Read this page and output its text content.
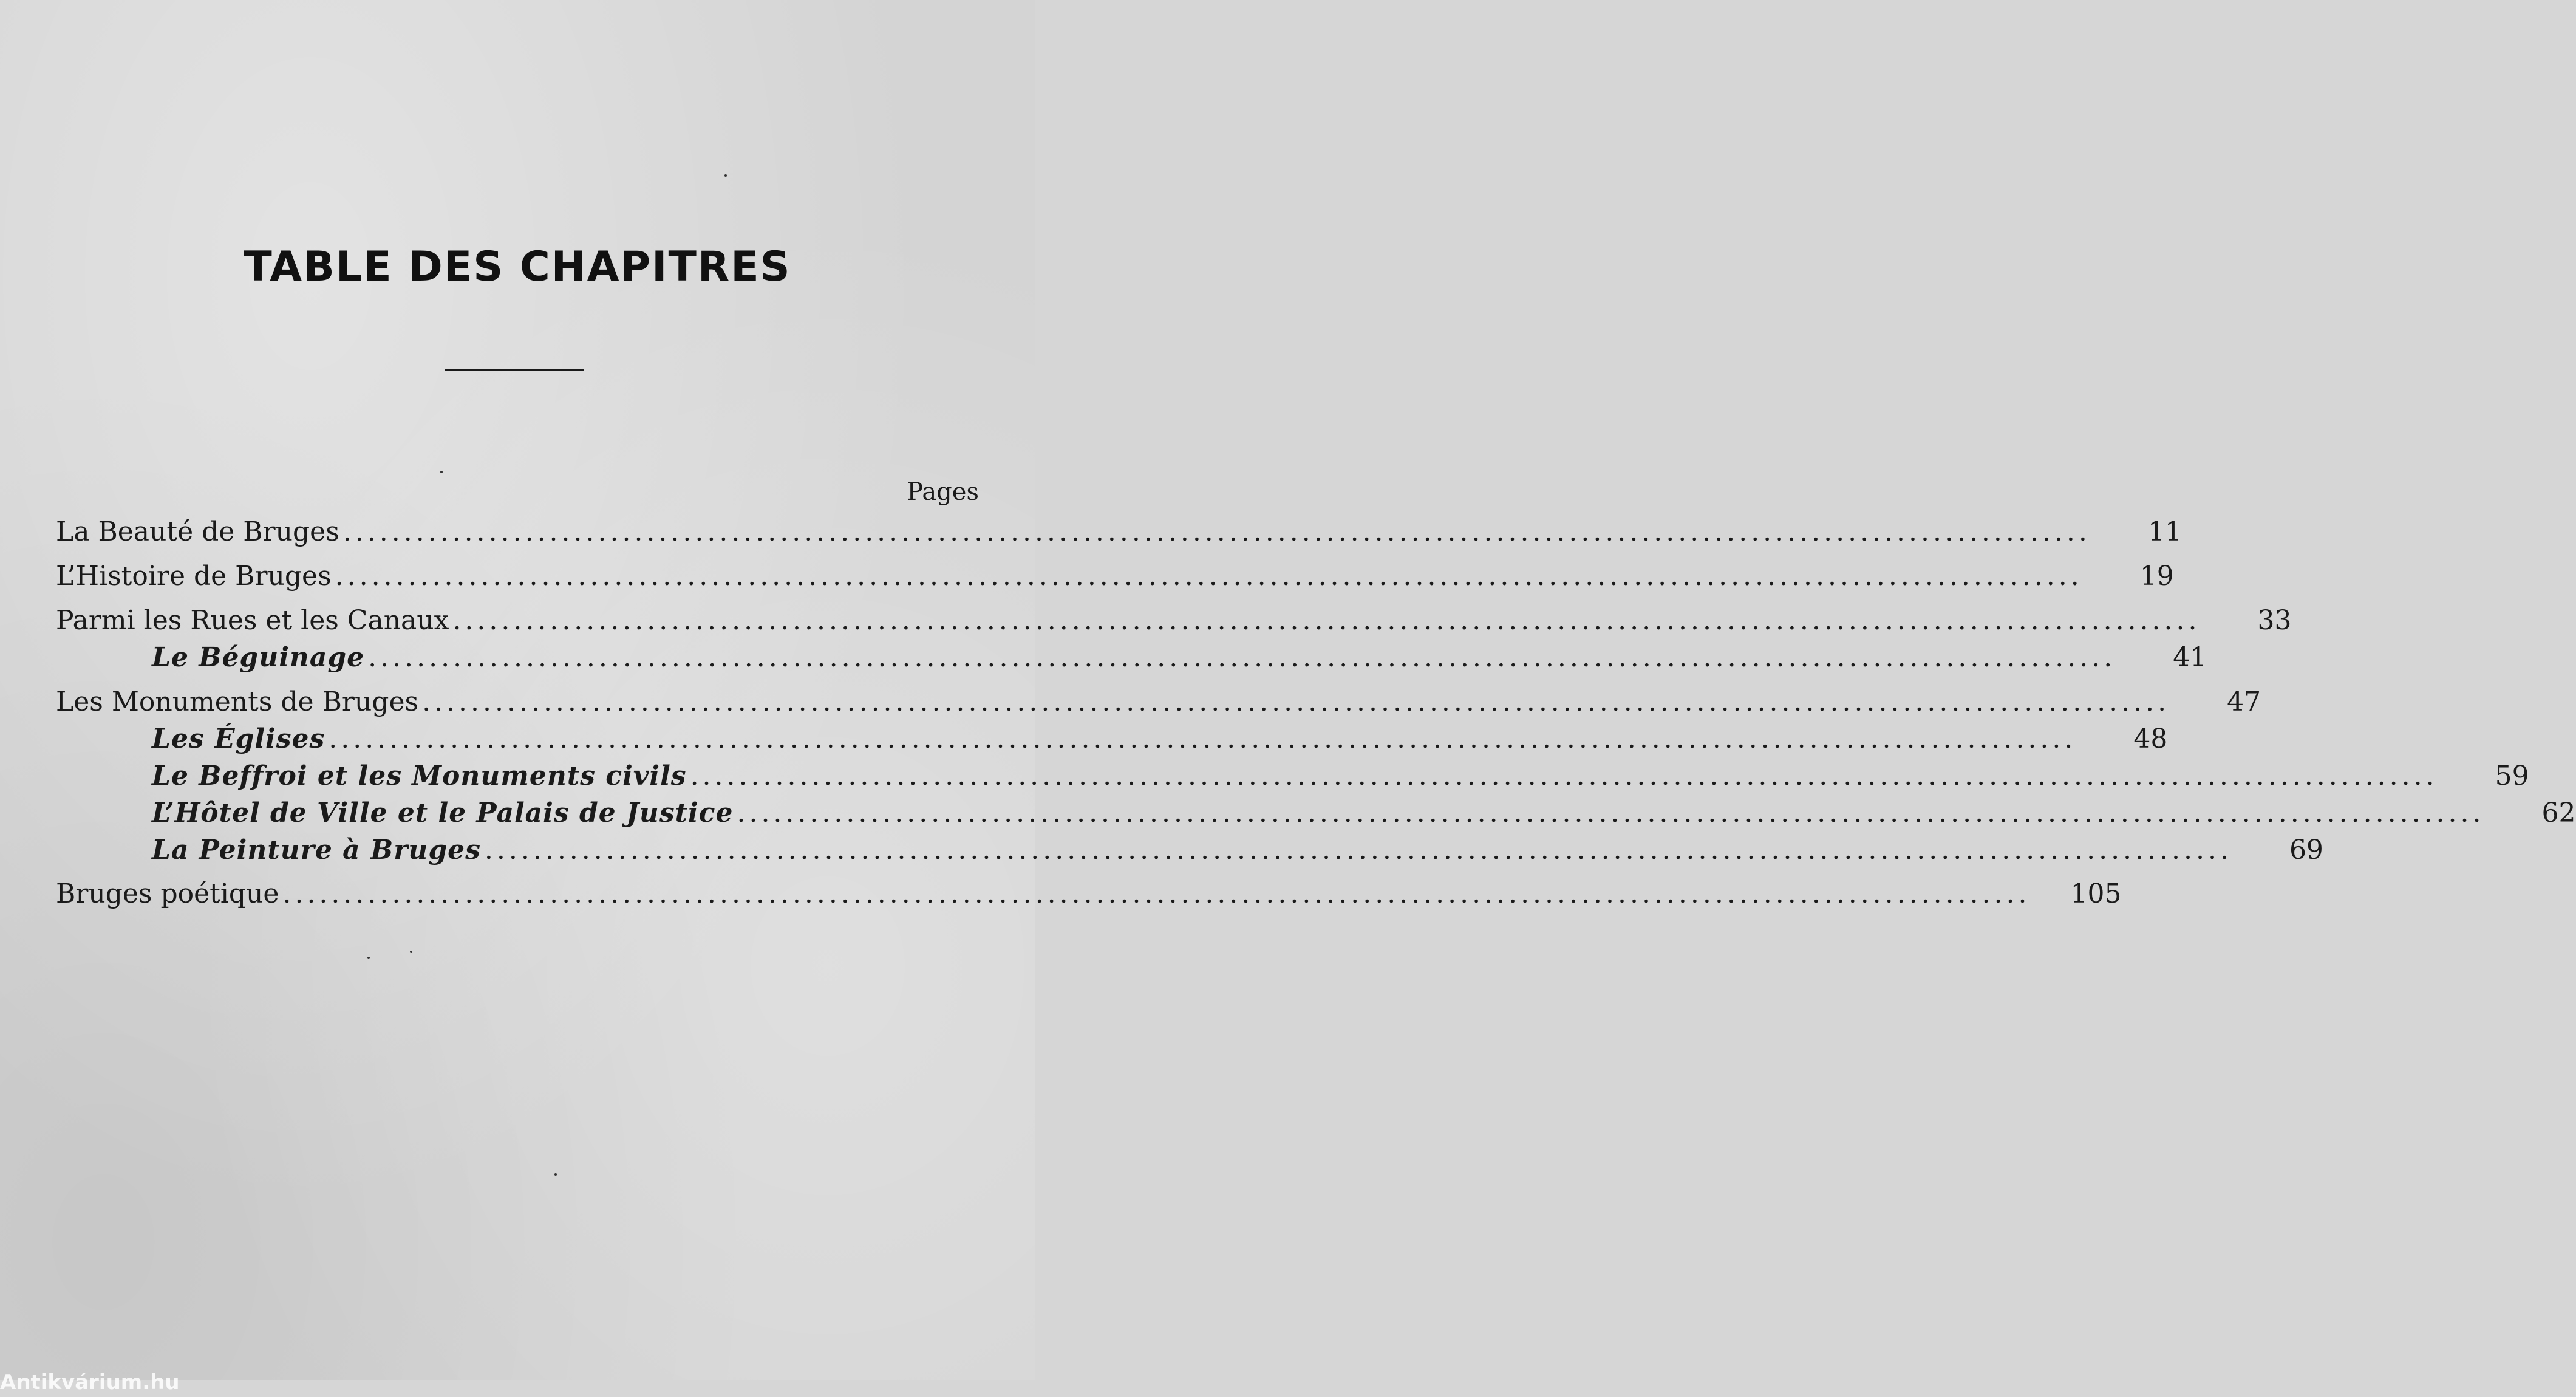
TABLE DES CHAPITRES
Pages
La Beauté de Bruges ................................................................................................................................................	11
L’Histoire de Bruges ................................................................................................................................................	19
Parmi les Rues et les Canaux ................................................................................................................................................	33
Le Béguinage ................................................................................................................................................	41
Les Monuments de Bruges ................................................................................................................................................	47
Les Églises ................................................................................................................................................	48
Le Beffroi et les Monuments civils ................................................................................................................................................	59
L’Hôtel de Ville et le Palais de Justice ................................................................................................................................................	62
La Peinture à Bruges ................................................................................................................................................	69
Bruges poétique ................................................................................................................................................	105
Antikvárium.hu
